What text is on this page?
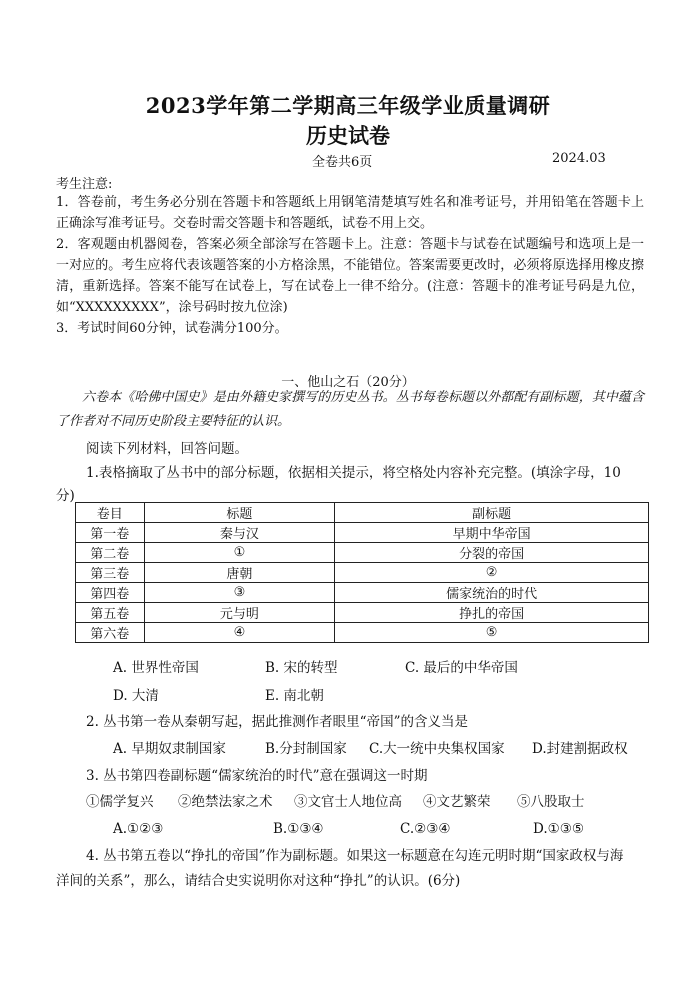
2023学年第二学期高三年级学业质量调研
历史试卷
全卷共6页	2024.03
考生注意:
1．答卷前，考生务必分别在答题卡和答题纸上用钢笔清楚填写姓名和准考证号，并用铅笔在答题卡上正确涂写准考证号。交卷时需交答题卡和答题纸，试卷不用上交。
2．客观题由机器阅卷，答案必须全部涂写在答题卡上。注意：答题卡与试卷在试题编号和选项上是一一对应的。考生应将代表该题答案的小方格涂黑，不能错位。答案需要更改时，必须将原选择用橡皮擦清，重新选择。答案不能写在试卷上，写在试卷上一律不给分。(注意：答题卡的准考证号码是九位，如“XXXXXXXXX”，涂号码时按九位涂)
3．考试时间60分钟，试卷满分100分。
一、他山之石（20分）
六卷本《哈佛中国史》是由外籍史家撰写的历史丛书。丛书每卷标题以外都配有副标题，其中蕴含了作者对不同历史阶段主要特征的认识。
阅读下列材料，回答问题。
1.表格摘取了丛书中的部分标题，依据相关提示，将空格处内容补充完整。(填涂字母，10
分)
卷目	标题	副标题
第一卷	秦与汉	早期中华帝国
第二卷	①	分裂的帝国
第三卷	唐朝	②
第四卷	③	儒家统治的时代
第五卷	元与明	挣扎的帝国
第六卷	④	⑤
A. 世界性帝国	B. 宋的转型	C. 最后的中华帝国
D. 大清	E. 南北朝
2. 丛书第一卷从秦朝写起，据此推测作者眼里“帝国”的含义当是
A. 早期奴隶制国家	B.分封制国家 C.大一统中央集权国家 D.封建割据政权
3. 丛书第四卷副标题“儒家统治的时代”意在强调这一时期
①儒学复兴 ②绝禁法家之术 ③文官士人地位高 ④文艺繁荣 ⑤八股取士
A.①②③	B.①③④	C.②③④	D.①③⑤
4. 丛书第五卷以“挣扎的帝国”作为副标题。如果这一标题意在勾连元明时期“国家政权与海
洋间的关系”，那么，请结合史实说明你对这种“挣扎”的认识。(6分)
